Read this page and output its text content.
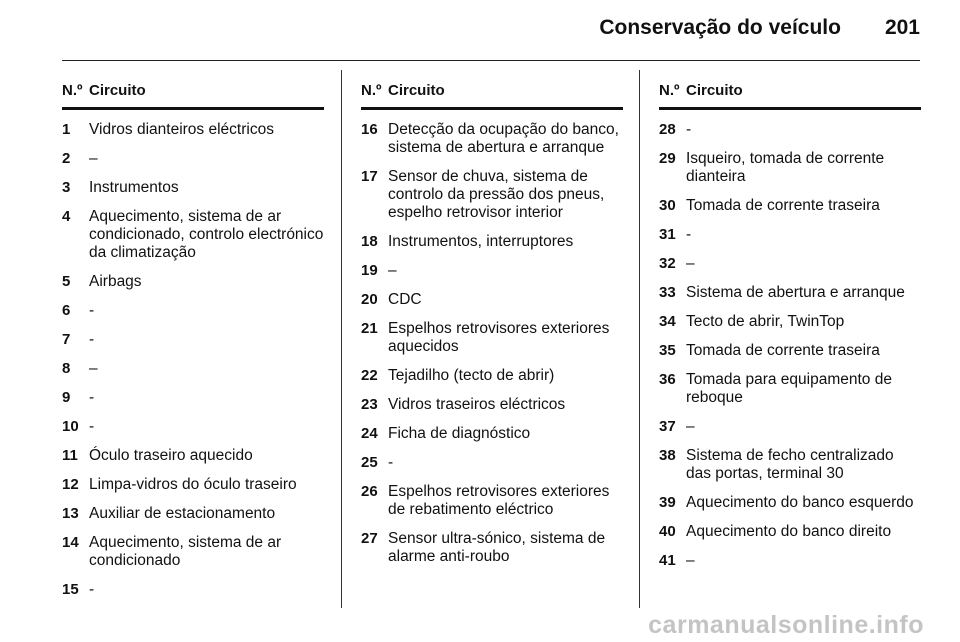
Conservação do veículo 201
N.º Circuito
1	Vidros dianteiros eléctricos
2	–
3	Instrumentos
4	Aquecimento, sistema de ar condicionado, controlo electrónico da climatização
5	Airbags
6	-
7	-
8	–
9	-
10 -
11 Óculo traseiro aquecido
12 Limpa-vidros do óculo traseiro
13 Auxiliar de estacionamento
14 Aquecimento, sistema de ar condicionado
15 -
N.º Circuito
16 Detecção da ocupação do banco, sistema de abertura e arranque
17 Sensor de chuva, sistema de controlo da pressão dos pneus, espelho retrovisor interior
18 Instrumentos, interruptores
19 –
20 CDC
21 Espelhos retrovisores exteriores aquecidos
22 Tejadilho (tecto de abrir)
23 Vidros traseiros eléctricos
24 Ficha de diagnóstico
25 -
26 Espelhos retrovisores exteriores de rebatimento eléctrico
27 Sensor ultra-sónico, sistema de alarme anti-roubo
N.º Circuito
28 -
29 Isqueiro, tomada de corrente dianteira
30 Tomada de corrente traseira
31 -
32 –
33 Sistema de abertura e arranque
34 Tecto de abrir, TwinTop
35 Tomada de corrente traseira
36 Tomada para equipamento de reboque
37 –
38 Sistema de fecho centralizado das portas, terminal 30
39 Aquecimento do banco esquerdo
40 Aquecimento do banco direito
41 –
carmanualsonline.info
